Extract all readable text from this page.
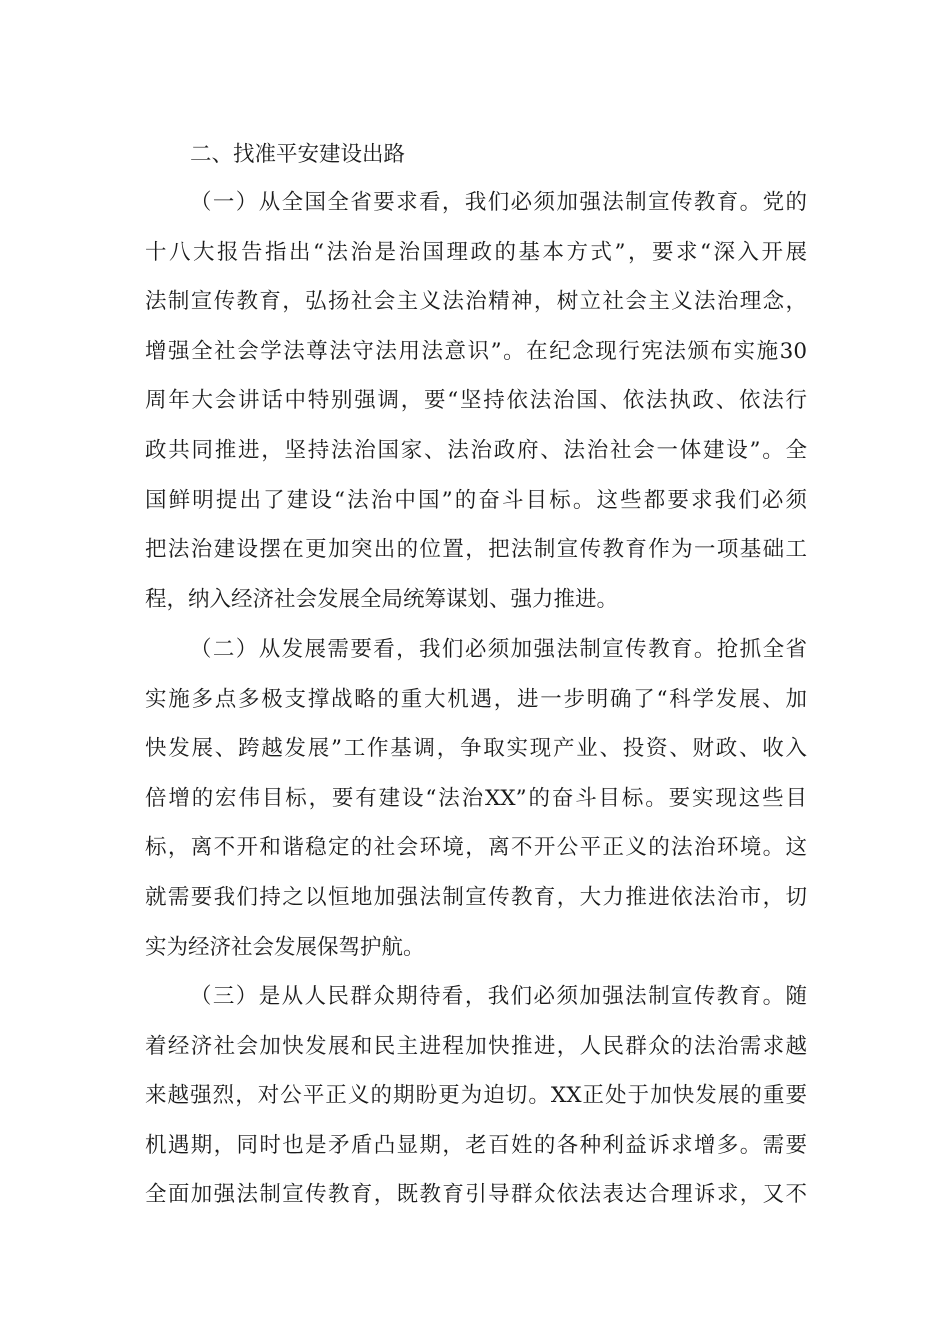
二、找准平安建设出路
（一）从全国全省要求看，我们必须加强法制宣传教育。党的
十八大报告指出“法治是治国理政的基本方式”，要求“深入开展
法制宣传教育，弘扬社会主义法治精神，树立社会主义法治理念，
增强全社会学法尊法守法用法意识”。在纪念现行宪法颁布实施30
周年大会讲话中特别强调，要“坚持依法治国、依法执政、依法行
政共同推进，坚持法治国家、法治政府、法治社会一体建设”。全
国鲜明提出了建设“法治中国”的奋斗目标。这些都要求我们必须
把法治建设摆在更加突出的位置，把法制宣传教育作为一项基础工
程，纳入经济社会发展全局统筹谋划、强力推进。
（二）从发展需要看，我们必须加强法制宣传教育。抢抓全省
实施多点多极支撑战略的重大机遇，进一步明确了“科学发展、加
快发展、跨越发展”工作基调，争取实现产业、投资、财政、收入
倍增的宏伟目标，要有建设“法治XX”的奋斗目标。要实现这些目
标，离不开和谐稳定的社会环境，离不开公平正义的法治环境。这
就需要我们持之以恒地加强法制宣传教育，大力推进依法治市，切
实为经济社会发展保驾护航。
（三）是从人民群众期待看，我们必须加强法制宣传教育。随
着经济社会加快发展和民主进程加快推进，人民群众的法治需求越
来越强烈，对公平正义的期盼更为迫切。XX正处于加快发展的重要
机遇期，同时也是矛盾凸显期，老百姓的各种利益诉求增多。需要
全面加强法制宣传教育，既教育引导群众依法表达合理诉求，又不
